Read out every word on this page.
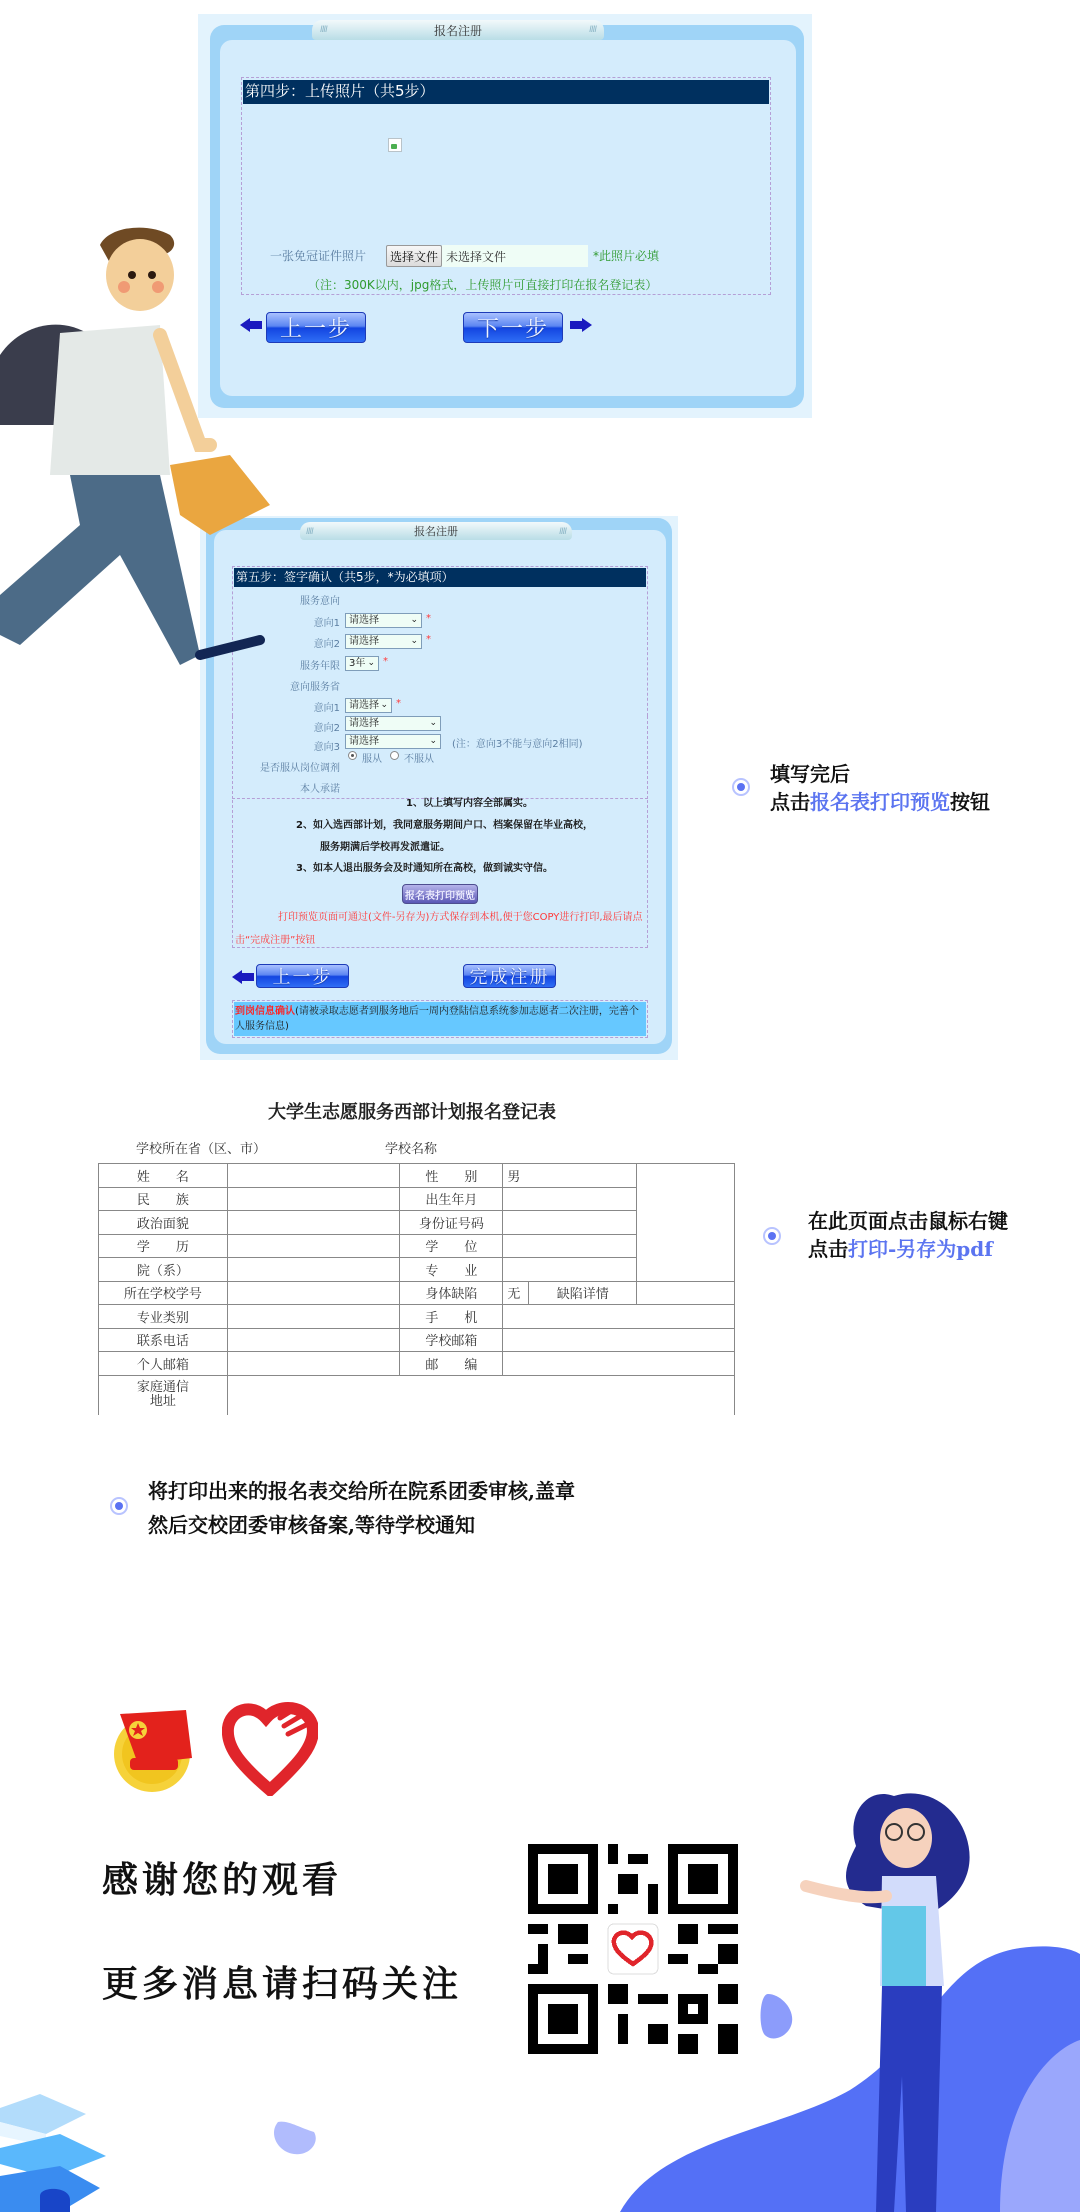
ⅡⅡ	报名注册	ⅡⅡ
第四步：上传照片（共5步）
一张免冠证件照片	选择文件 未选择文件	*此照片必填
（注：300K以内，jpg格式，上传照片可直接打印在报名登记表）
上一步	下一步
ⅡⅡ	报名注册	ⅡⅡ
第五步：签字确认（共5步，*为必填项）
服务意向
意向1 请选择	⌄ *
意向2 请选择	⌄ *
服务年限 3年 ⌄ *
意向服务省
意向1 请选择 ⌄ *
意向2 请选择	⌄
意向3
请选择	⌄ (注：意向3不能与意向2相同)
服从 不服从
是否服从岗位调剂
本人承诺
1、以上填写内容全部属实。
2、如入选西部计划，我同意服务期间户口、档案保留在毕业高校，
服务期满后学校再发派遣证。
3、如本人退出服务会及时通知所在高校，做到诚实守信。
报名表打印预览
打印预览页面可通过(文件-另存为)方式保存到本机,便于您COPY进行打印,最后请点
击“完成注册”按钮
上一步	完成注册
到岗信息确认(请被录取志愿者到服务地后一周内登陆信息系统参加志愿者二次注册，完善个人服务信息)
填写完后
点击报名表打印预览按钮
大学生志愿服务西部计划报名登记表
学校所在省（区、市）	学校名称
姓　　名		性　　别	男		
民　　族		出生年月			
政治面貌		身份证号码			
学　　历		学　　位			
院（系）		专　　业			
所在学校学号		身体缺陷	无	缺陷详情	
专业类别		手　　机			
联系电话		学校邮箱			
个人邮箱		邮　　编			

家庭通信
地址					

在此页面点击鼠标右键
点击打印-另存为pdf
将打印出来的报名表交给所在院系团委审核,盖章
然后交校团委审核备案,等待学校通知
感谢您的观看
更多消息请扫码关注
